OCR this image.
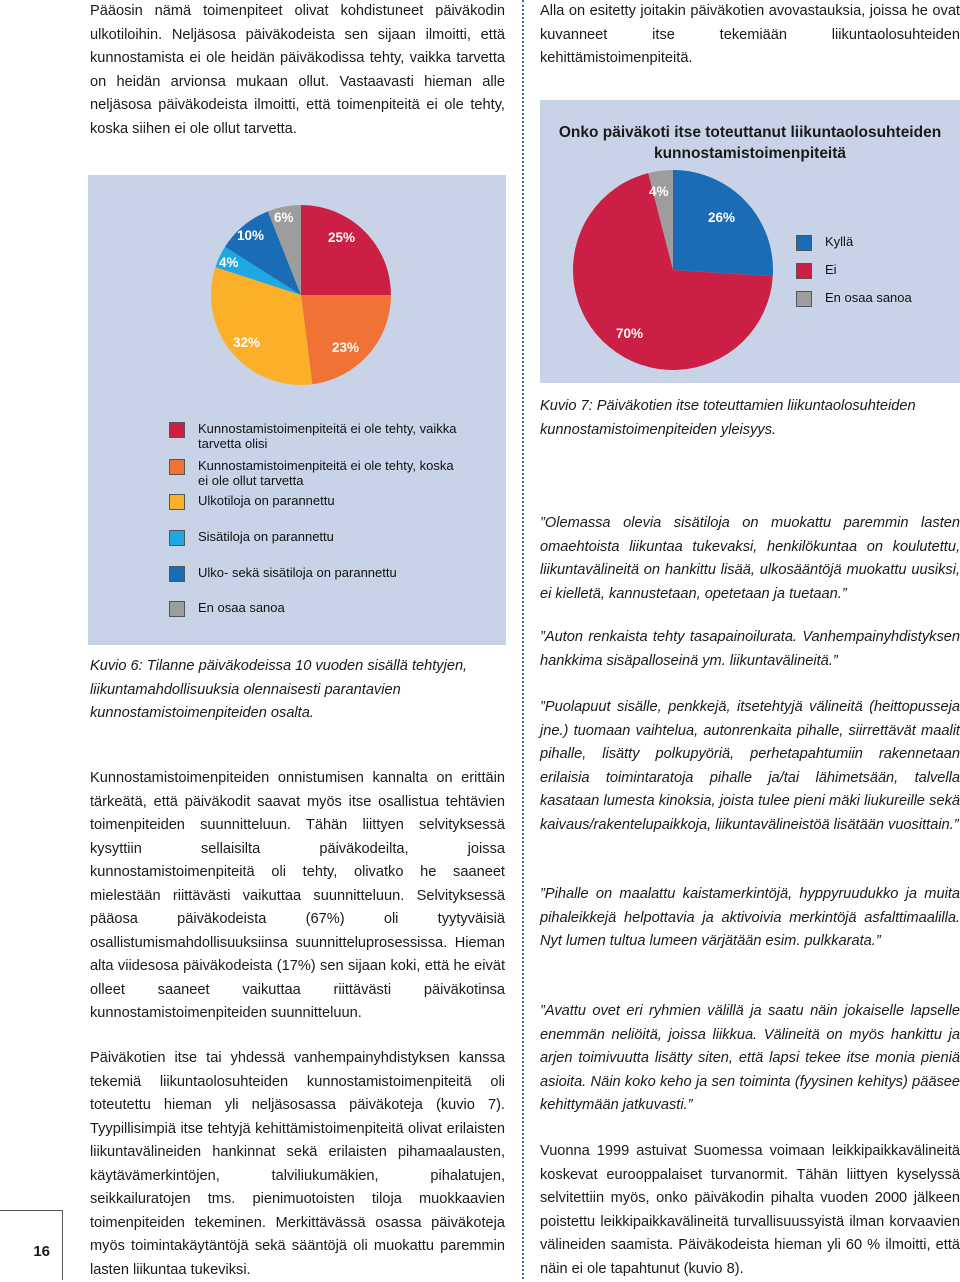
Pääosin nämä toimenpiteet olivat kohdistuneet päiväkodin ulkotiloihin. Neljäsosa päiväkodeista sen sijaan ilmoitti, että kunnostamista ei ole heidän päiväkodissa tehty, vaikka tarvetta on heidän arvionsa mukaan ollut. Vastaavasti hieman alle neljäsosa päiväkodeista ilmoitti, että toimenpiteitä ei ole tehty, koska siihen ei ole ollut tarvetta.

25%
23%
32%
4%
10%
6%
Kunnostamistoimenpiteitä ei ole tehty, vaikka tarvetta olisi
Kunnostamistoimenpiteitä ei ole tehty, koska ei ole ollut tarvetta
Ulkotiloja on parannettu
Sisätiloja on parannettu
Ulko- sekä sisätiloja on parannettu
En osaa sanoa
Kuvio 6: Tilanne päiväkodeissa 10 vuoden sisällä tehtyjen, liikuntamahdollisuuksia olennaisesti parantavien kunnostamistoimenpiteiden osalta.

Kunnostamistoimenpiteiden onnistumisen kannalta on erittäin tärkeätä, että päiväkodit saavat myös itse osallistua tehtävien toimenpiteiden suunnitteluun. Tähän liittyen selvityksessä kysyttiin sellaisilta päiväkodeilta, joissa kunnostamistoimenpiteitä oli tehty, olivatko he saaneet mielestään riittävästi vaikuttaa suunnitteluun. Selvityksessä pääosa päiväkodeista (67%) oli tyytyväisiä osallistumismahdollisuuksiinsa suunnitteluprosessissa. Hieman alta viidesosa päiväkodeista (17%) sen sijaan koki, että he eivät olleet saaneet vaikuttaa riittävästi päiväkotinsa kunnostamistoimenpiteiden suunnitteluun.

Päiväkotien itse tai yhdessä vanhempainyhdistyksen kanssa tekemiä liikuntaolosuhteiden kunnostamistoimenpiteitä oli toteutettu hieman yli neljäsosassa päiväkoteja (kuvio 7). Tyypillisimpiä itse tehtyjä kehittämistoimenpiteitä olivat erilaisten liikuntavälineiden hankinnat sekä erilaisten pihamaalausten, käytävämerkintöjen, talviliukumäkien, pihalatujen, seikkailuratojen tms. pienimuotoisten tiloja muokkaavien toimenpiteiden tekeminen. Merkittävässä osassa päiväkoteja myös toimintakäytäntöjä sekä sääntöjä oli muokattu paremmin lasten liikuntaa tukeviksi.

Alla on esitetty joitakin päiväkotien avovastauksia, joissa he ovat kuvanneet itse tekemiään liikuntaolosuhteiden kehittämistoimenpiteitä.

Onko päiväkoti itse toteuttanut liikuntaolosuhteiden kunnostamistoimenpiteitä
26%
70%
4%
Kyllä
Ei
En osaa sanoa
Kuvio 7: Päiväkotien itse toteuttamien liikuntaolosuhteiden kunnostamistoimenpiteiden yleisyys.

”Olemassa olevia sisätiloja on muokattu paremmin lasten omaehtoista liikuntaa tukevaksi, henkilökuntaa on koulutettu, liikuntavälineitä on hankittu lisää, ulkosääntöjä muokattu uusiksi, ei kielletä, kannustetaan, opetetaan ja tuetaan.”

”Auton renkaista tehty tasapainoilurata. Vanhempainyhdistyksen hankkima sisäpalloseinä ym. liikuntavälineitä.”

”Puolapuut sisälle, penkkejä, itsetehtyjä välineitä (heittopusseja jne.) tuomaan vaihtelua, autonrenkaita pihalle, siirrettävät maalit pihalle, lisätty polkupyöriä, perhetapahtumiin rakennetaan erilaisia toimintaratoja pihalle ja/tai lähimetsään, talvella kasataan lumesta kinoksia, joista tulee pieni mäki liukureille sekä kaivaus/rakentelupaikkoja, liikuntavälineistöä lisätään vuosittain.”

”Pihalle on maalattu kaistamerkintöjä, hyppyruudukko ja muita pihaleikkejä helpottavia ja aktivoivia merkintöjä asfalttimaalilla. Nyt lumen tultua lumeen värjätään esim. pulkkarata.”

”Avattu ovet eri ryhmien välillä ja saatu näin jokaiselle lapselle enemmän neliöitä, joissa liikkua. Välineitä on myös hankittu ja arjen toimivuutta lisätty siten, että lapsi tekee itse monia pieniä asioita. Näin koko keho ja sen toiminta (fyysinen kehitys) pääsee kehittymään jatkuvasti.”

Vuonna 1999 astuivat Suomessa voimaan leikkipaikkavälineitä koskevat eurooppalaiset turvanormit. Tähän liittyen kyselyssä selvitettiin myös, onko päiväkodin pihalta vuoden 2000 jälkeen poistettu leikkipaikkavälineitä turvallisuussyistä ilman korvaavien välineiden saamista. Päiväkodeista hieman yli 60 % ilmoitti, että näin ei ole tapahtunut (kuvio 8).

16
